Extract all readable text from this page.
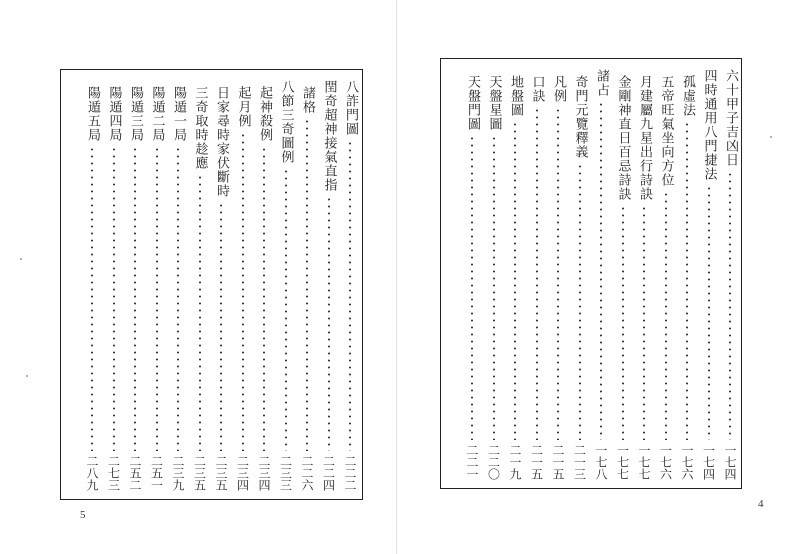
八詐門圖
二二二
閏奇超神接氣直指
二二四
諸格
二二六
八節三奇圖例
二三三
起神殺例
二三四
起月例
二三四
日家尋時家伏斷時
二三五
三奇取時趁應
二三五
陽遁一局
二三九
陽遁二局
二五一
陽遁三局
二五二
陽遁四局
二七三
陽遁五局
二八九
5
六十甲子吉凶日
一七四
四時通用八門捷法
一七四
孤虛法
一七六
五帝旺氣坐向方位
一七六
月建屬九星出行詩訣
一七七
金剛神直日百忌詩訣
一七七
諸占
一七八
奇門元覽釋義
二一三
凡例
二一五
口訣
二一五
地盤圖
二一九
天盤星圖
二二〇
天盤門圖
二二一
4
